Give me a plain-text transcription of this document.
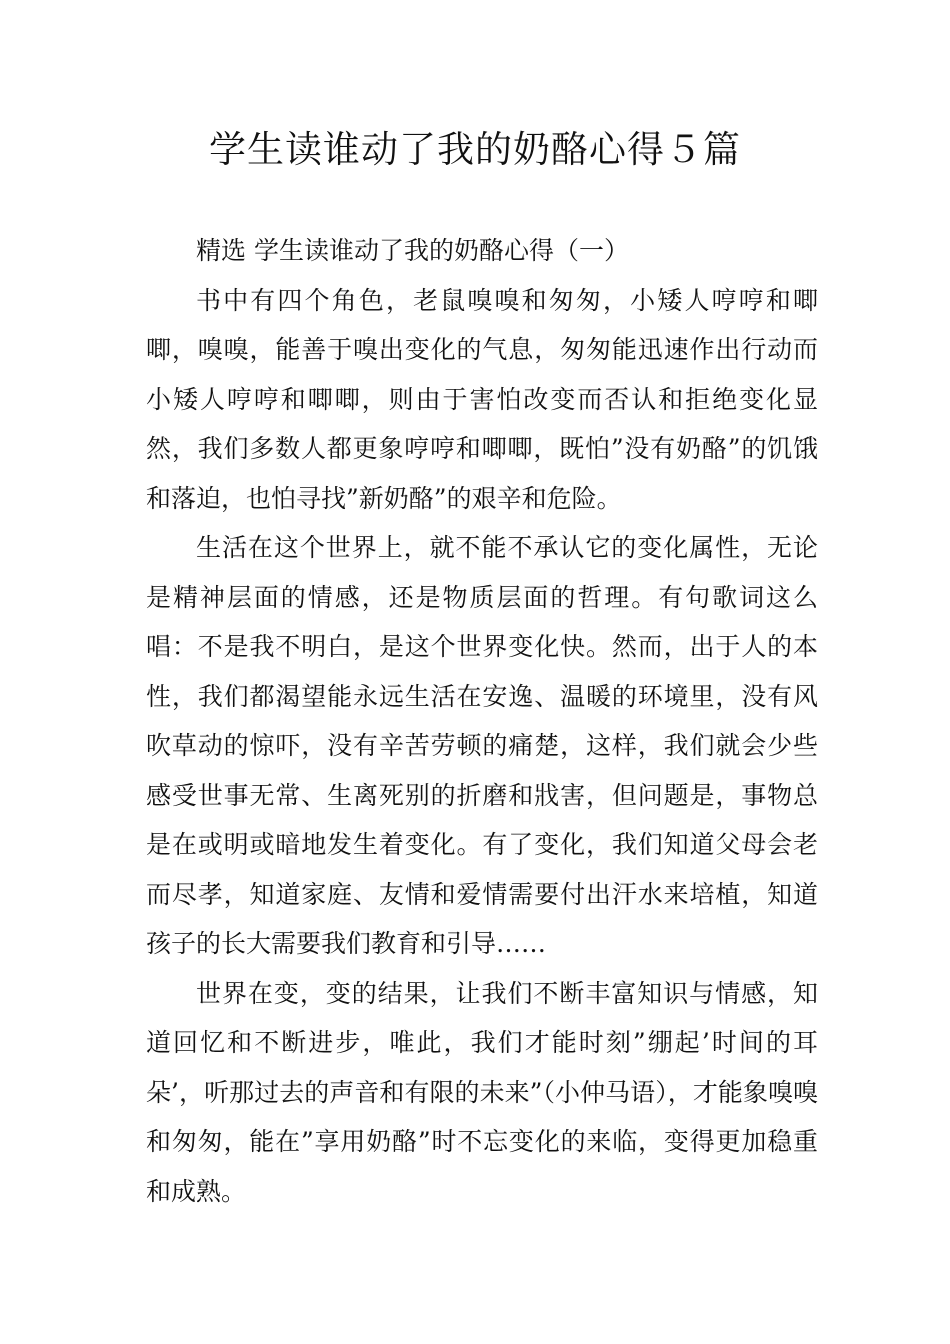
学生读谁动了我的奶酪心得５篇

精选 学生读谁动了我的奶酪心得（一）

书中有四个角色，老鼠嗅嗅和匆匆，小矮人哼哼和唧唧，嗅嗅，能善于嗅出变化的气息，匆匆能迅速作出行动而小矮人哼哼和唧唧，则由于害怕改变而否认和拒绝变化显然，我们多数人都更象哼哼和唧唧，既怕”没有奶酪”的饥饿和落迫，也怕寻找”新奶酪”的艰辛和危险。

生活在这个世界上，就不能不承认它的变化属性，无论是精神层面的情感，还是物质层面的哲理。有句歌词这么唱：不是我不明白，是这个世界变化快。然而，出于人的本性，我们都渴望能永远生活在安逸、温暖的环境里，没有风吹草动的惊吓，没有辛苦劳顿的痛楚，这样，我们就会少些感受世事无常、生离死别的折磨和戕害，但问题是，事物总是在或明或暗地发生着变化。有了变化，我们知道父母会老而尽孝，知道家庭、友情和爱情需要付出汗水来培植，知道孩子的长大需要我们教育和引导……

世界在变，变的结果，让我们不断丰富知识与情感，知道回忆和不断进步，唯此，我们才能时刻”绷起’时间的耳朵’，听那过去的声音和有限的未来”（小仲马语），才能象嗅嗅和匆匆，能在”享用奶酪”时不忘变化的来临，变得更加稳重和成熟。
